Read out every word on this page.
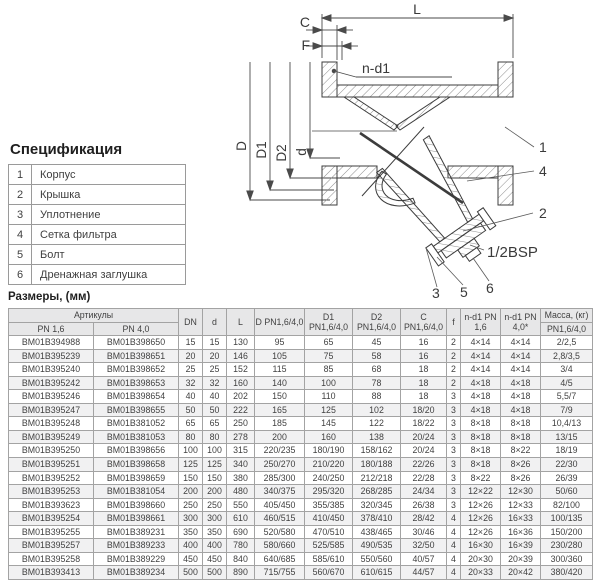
L
C
F
n-d1
D D1 D2 d
1/2BSP
1
4
2
3 5 6
Спецификация
1	Корпус
2	Крышка
3	Уплотнение
4	Сетка фильтра
5	Болт
6	Дренажная заглушка
Размеры, (мм)
Артикулы		DN	d	L	D PN1,6/4,0	D1 PN1,6/4,0	D2 PN1,6/4,0	C PN1,6/4,0	f	n-d1 PN 1,6	n-d1 PN 4,0*	Масса, (кг)
PN 1,6	PN 4,0											PN1,6/4,0
BM01B394988	BM01B398650	15	15	130	95	65	45	16	2	4×14	4×14	2/2,5
BM01B395239	BM01B398651	20	20	146	105	75	58	16	2	4×14	4×14	2,8/3,5
BM01B395240	BM01B398652	25	25	152	115	85	68	18	2	4×14	4×14	3/4
BM01B395242	BM01B398653	32	32	160	140	100	78	18	2	4×18	4×18	4/5
BM01B395246	BM01B398654	40	40	202	150	110	88	18	3	4×18	4×18	5,5/7
BM01B395247	BM01B398655	50	50	222	165	125	102	18/20	3	4×18	4×18	7/9
BM01B395248	BM01B381052	65	65	250	185	145	122	18/22	3	8×18	8×18	10,4/13
BM01B395249	BM01B381053	80	80	278	200	160	138	20/24	3	8×18	8×18	13/15
BM01B395250	BM01B398656	100	100	315	220/235	180/190	158/162	20/24	3	8×18	8×22	18/19
BM01B395251	BM01B398658	125	125	340	250/270	210/220	180/188	22/26	3	8×18	8×26	22/30
BM01B395252	BM01B398659	150	150	380	285/300	240/250	212/218	22/28	3	8×22	8×26	26/39
BM01B395253	BM01B381054	200	200	480	340/375	295/320	268/285	24/34	3	12×22	12×30	50/60
BM01B393623	BM01B398660	250	250	550	405/450	355/385	320/345	26/38	3	12×26	12×33	82/100
BM01B395254	BM01B398661	300	300	610	460/515	410/450	378/410	28/42	4	12×26	16×33	100/135
BM01B395255	BM01B389231	350	350	690	520/580	470/510	438/465	30/46	4	12×26	16×36	150/200
BM01B395257	BM01B389233	400	400	780	580/660	525/585	490/535	32/50	4	16×30	16×39	230/280
BM01B395258	BM01B389229	450	450	840	640/685	585/610	550/560	40/57	4	20×30	20×39	300/360
BM01B393413	BM01B389234	500	500	890	715/755	560/670	610/615	44/57	4	20×33	20×42	380/420
